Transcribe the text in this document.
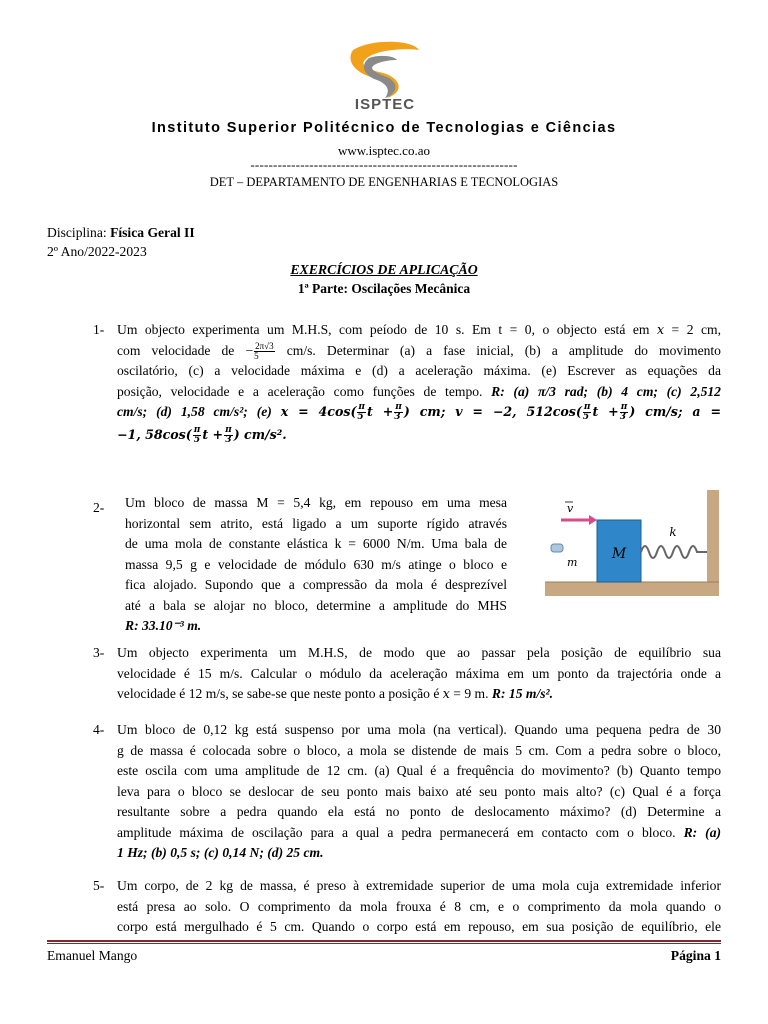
ISPTEC
Instituto Superior Politécnico de Tecnologias e Ciências
www.isptec.co.ao
-----------------------------------------------------------
DET – DEPARTAMENTO DE ENGENHARIAS E TECNOLOGIAS
Disciplina: Física Geral II
2º Ano/2022-2023
EXERCÍCIOS DE APLICAÇÃO
1ª Parte: Oscilações Mecânica
1- Um objecto experimenta um M.H.S, com peíodo de 10 s. Em t = 0, o objecto está em x = 2 cm,
com velocidade de − $\frac{2\pi√3}{5} cm/s$. Determinar (a) a fase inicial, (b) a amplitude do movimento
oscilatório, (c) a velocidade máxima e (d) a aceleração máxima. (e) Escrever as equações da
posição, velocidade e a aceleração como funções de tempo. R: (a) π/3 rad; (b) 4 cm; (c) 2,512
cm/s; (d) 1,58 cm/s²; (e) $x = 4\cos( \frac{\pi}{5}$ $t + \frac{\pi}{3}$ ) cm; v = −2, $512\cos( \frac{\pi}{5}$ $t + \frac{\pi}{3}$ ) cm/s; a =
−1, $58\cos( \frac{\pi}{5}$ $t + \frac{\pi}{3}$ ) cm/s².
2- Um bloco de massa M = 5,4 kg, em repouso em uma mesa
horizontal sem atrito, está ligado a um suporte rígido através
de uma mola de constante elástica k = 6000 N/m. Uma bala de
massa 9,5 g e velocidade de módulo 630 m/s atinge o bloco e
fica alojado. Supondo que a compressão da mola é desprezível
até a bala se alojar no bloco, determine a amplitude do MHS
R: 33.10⁻³ m.
M
k
m
v
3- Um objecto experimenta um M.H.S, de modo que ao passar pela posição de equilíbrio sua
velocidade é 15 m/s. Calcular o módulo da aceleração máxima em um ponto da trajectória onde a
velocidade é 12 m/s, se sabe-se que neste ponto a posição é x = 9 m. R: 15 m/s².
4- Um bloco de 0,12 kg está suspenso por uma mola (na vertical). Quando uma pequena pedra de 30
g de massa é colocada sobre o bloco, a mola se distende de mais 5 cm. Com a pedra sobre o bloco,
este oscila com uma amplitude de 12 cm. (a) Qual é a frequência do movimento? (b) Quanto tempo
leva para o bloco se deslocar de seu ponto mais baixo até seu ponto mais alto? (c) Qual é a força
resultante sobre a pedra quando ela está no ponto de deslocamento máximo? (d) Determine a
amplitude máxima de oscilação para a qual a pedra permanecerá em contacto com o bloco. R: (a)
1 Hz; (b) 0,5 s; (c) 0,14 N; (d) 25 cm.
5- Um corpo, de 2 kg de massa, é preso à extremidade superior de uma mola cuja extremidade inferior
está presa ao solo. O comprimento da mola frouxa é 8 cm, e o comprimento da mola quando o
corpo está mergulhado é 5 cm. Quando o corpo está em repouso, em sua posição de equilíbrio, ele
Emanuel Mango	Página 1
